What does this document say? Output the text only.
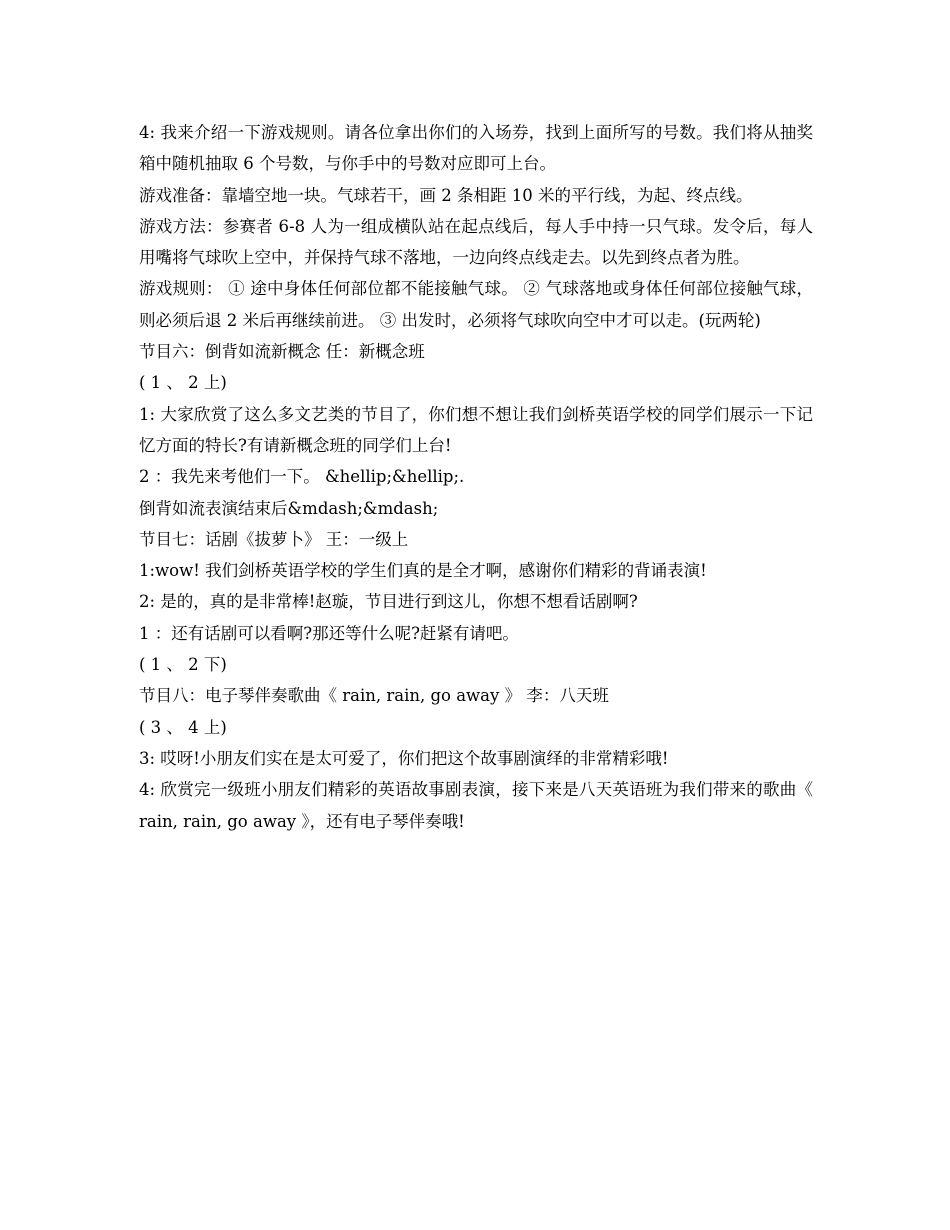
4: 我来介绍一下游戏规则。请各位拿出你们的入场券，找到上面所写的号数。我们将从抽奖箱中随机抽取 6 个号数，与你手中的号数对应即可上台。

游戏准备：靠墙空地一块。气球若干，画 2 条相距 10 米的平行线，为起、终点线。

游戏方法：参赛者 6-8 人为一组成横队站在起点线后，每人手中持一只气球。发令后，每人用嘴将气球吹上空中，并保持气球不落地，一边向终点线走去。以先到终点者为胜。

游戏规则： ① 途中身体任何部位都不能接触气球。 ② 气球落地或身体任何部位接触气球，则必须后退 2 米后再继续前进。 ③ 出发时，必须将气球吹向空中才可以走。(玩两轮)

节目六：倒背如流新概念 任：新概念班

( 1 、 2 上)

1: 大家欣赏了这么多文艺类的节目了，你们想不想让我们剑桥英语学校的同学们展示一下记忆方面的特长?有请新概念班的同学们上台!

2 ：我先来考他们一下。 &hellip;&hellip;.

倒背如流表演结束后&mdash;&mdash;

节目七：话剧《拔萝卜》 王：一级上

1:wow! 我们剑桥英语学校的学生们真的是全才啊，感谢你们精彩的背诵表演!

2: 是的，真的是非常棒!赵璇，节目进行到这儿，你想不想看话剧啊?

1 ：还有话剧可以看啊?那还等什么呢?赶紧有请吧。

( 1 、 2 下)

节目八：电子琴伴奏歌曲《 rain, rain, go away 》 李：八天班

( 3 、 4 上)

3: 哎呀!小朋友们实在是太可爱了，你们把这个故事剧演绎的非常精彩哦!

4: 欣赏完一级班小朋友们精彩的英语故事剧表演，接下来是八天英语班为我们带来的歌曲《 rain, rain, go away 》，还有电子琴伴奏哦!
